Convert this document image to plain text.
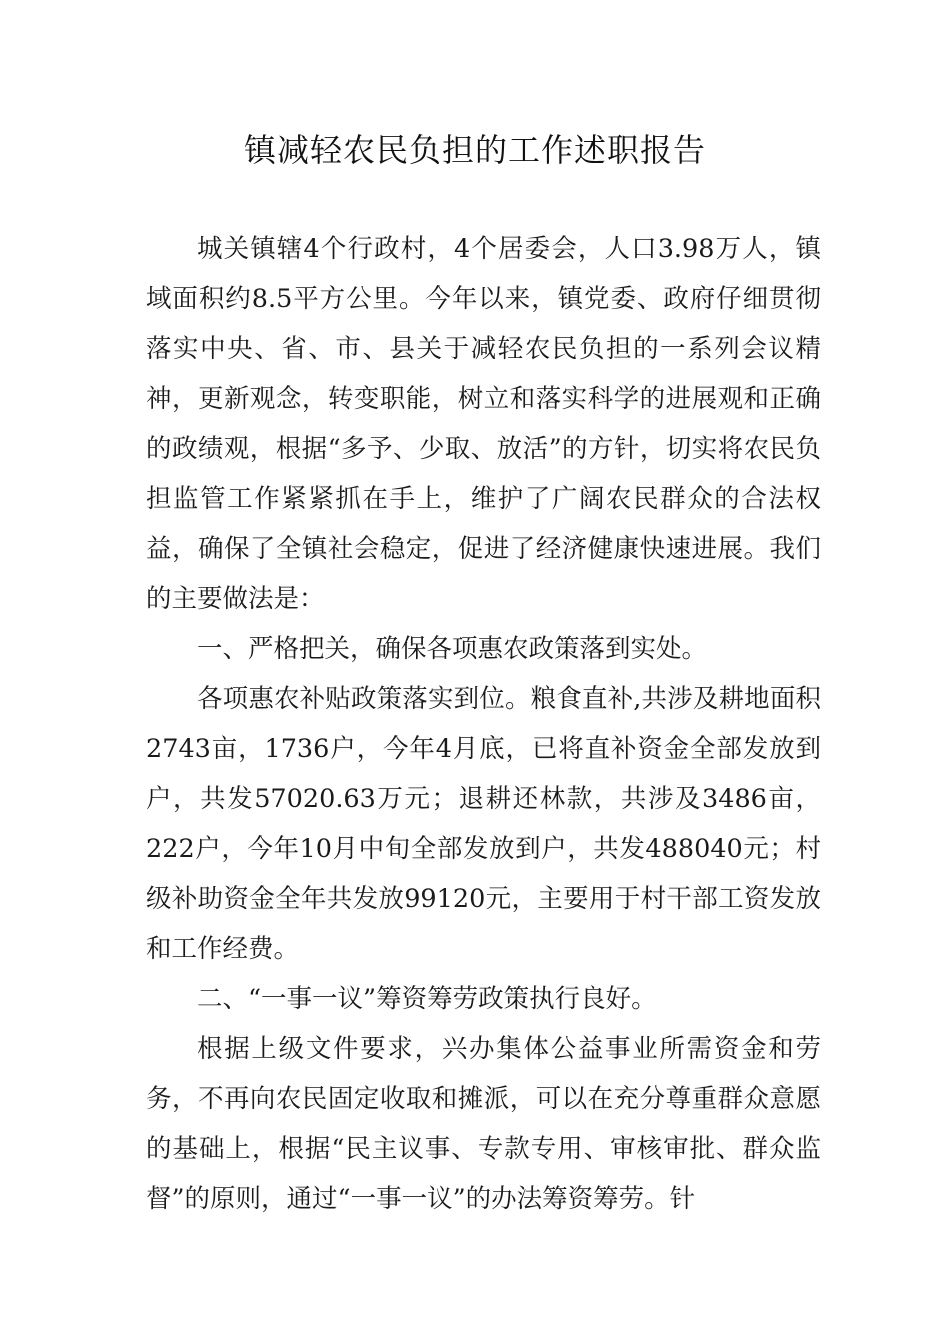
镇减轻农民负担的工作述职报告

城关镇辖4个行政村，4个居委会，人口3.98万人，镇域面积约8.5平方公里。今年以来，镇党委、政府仔细贯彻落实中央、省、市、县关于减轻农民负担的一系列会议精神，更新观念，转变职能，树立和落实科学的进展观和正确的政绩观，根据“多予、少取、放活”的方针，切实将农民负担监管工作紧紧抓在手上，维护了广阔农民群众的合法权益，确保了全镇社会稳定，促进了经济健康快速进展。我们的主要做法是：

一、严格把关，确保各项惠农政策落到实处。

各项惠农补贴政策落实到位。粮食直补,共涉及耕地面积2743亩，1736户，今年4月底，已将直补资金全部发放到户，共发57020.63万元；退耕还林款，共涉及3486亩，222户，今年10月中旬全部发放到户，共发488040元；村级补助资金全年共发放99120元，主要用于村干部工资发放和工作经费。

二、“一事一议”筹资筹劳政策执行良好。

根据上级文件要求，兴办集体公益事业所需资金和劳务，不再向农民固定收取和摊派，可以在充分尊重群众意愿的基础上，根据“民主议事、专款专用、审核审批、群众监督”的原则，通过“一事一议”的办法筹资筹劳。针
